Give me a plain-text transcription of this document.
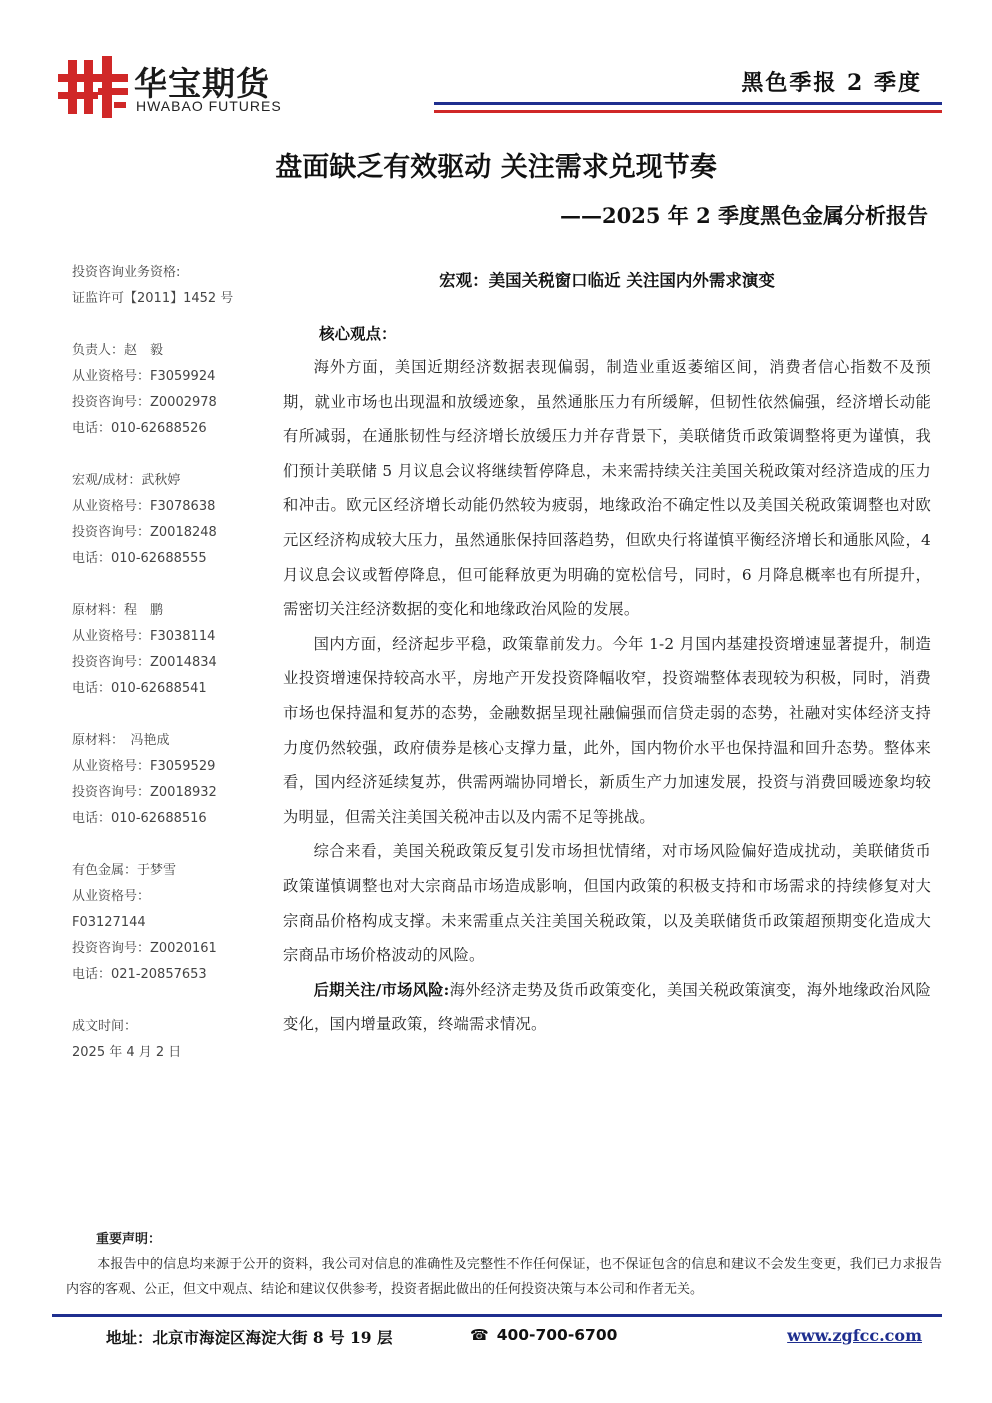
华宝期货
HWABAO FUTURES
黑色季报 2 季度
盘面缺乏有效驱动 关注需求兑现节奏
——2025 年 2 季度黑色金属分析报告
投资咨询业务资格:
证监许可【2011】1452 号
负责人：赵　毅
从业资格号：F3059924
投资咨询号：Z0002978
电话：010-62688526
宏观/成材：武秋婷
从业资格号：F3078638
投资咨询号：Z0018248
电话：010-62688555
原材料：程　鹏
从业资格号：F3038114
投资咨询号：Z0014834
电话：010-62688541
原材料：　冯艳成
从业资格号：F3059529
投资咨询号：Z0018932
电话：010-62688516
有色金属：于梦雪
从业资格号：
F03127144
投资咨询号：Z0020161
电话：021-20857653
成文时间：
2025 年 4 月 2 日
宏观：美国关税窗口临近 关注国内外需求演变
核心观点：

海外方面，美国近期经济数据表现偏弱，制造业重返萎缩区间，消费者信心指数不及预期，就业市场也出现温和放缓迹象，虽然通胀压力有所缓解，但韧性依然偏强，经济增长动能有所减弱，在通胀韧性与经济增长放缓压力并存背景下，美联储货币政策调整将更为谨慎，我们预计美联储 5 月议息会议将继续暂停降息，未来需持续关注美国关税政策对经济造成的压力和冲击。欧元区经济增长动能仍然较为疲弱，地缘政治不确定性以及美国关税政策调整也对欧元区经济构成较大压力，虽然通胀保持回落趋势，但欧央行将谨慎平衡经济增长和通胀风险，4 月议息会议或暂停降息，但可能释放更为明确的宽松信号，同时，6 月降息概率也有所提升，需密切关注经济数据的变化和地缘政治风险的发展。

国内方面，经济起步平稳，政策靠前发力。今年 1-2 月国内基建投资增速显著提升，制造业投资增速保持较高水平，房地产开发投资降幅收窄，投资端整体表现较为积极，同时，消费市场也保持温和复苏的态势，金融数据呈现社融偏强而信贷走弱的态势，社融对实体经济支持力度仍然较强，政府债券是核心支撑力量，此外，国内物价水平也保持温和回升态势。整体来看，国内经济延续复苏，供需两端协同增长，新质生产力加速发展，投资与消费回暖迹象均较为明显，但需关注美国关税冲击以及内需不足等挑战。

综合来看，美国关税政策反复引发市场担忧情绪，对市场风险偏好造成扰动，美联储货币政策谨慎调整也对大宗商品市场造成影响，但国内政策的积极支持和市场需求的持续修复对大宗商品价格构成支撑。未来需重点关注美国关税政策，以及美联储货币政策超预期变化造成大宗商品市场价格波动的风险。

后期关注/市场风险:海外经济走势及货币政策变化，美国关税政策演变，海外地缘政治风险变化，国内增量政策，终端需求情况。

重要声明：

本报告中的信息均来源于公开的资料，我公司对信息的准确性及完整性不作任何保证，也不保证包含的信息和建议不会发生变更，我们已力求报告内容的客观、公正，但文中观点、结论和建议仅供参考，投资者据此做出的任何投资决策与本公司和作者无关。

地址：北京市海淀区海淀大街 8 号 19 层	☎ 400-700-6700	www.zgfcc.com
